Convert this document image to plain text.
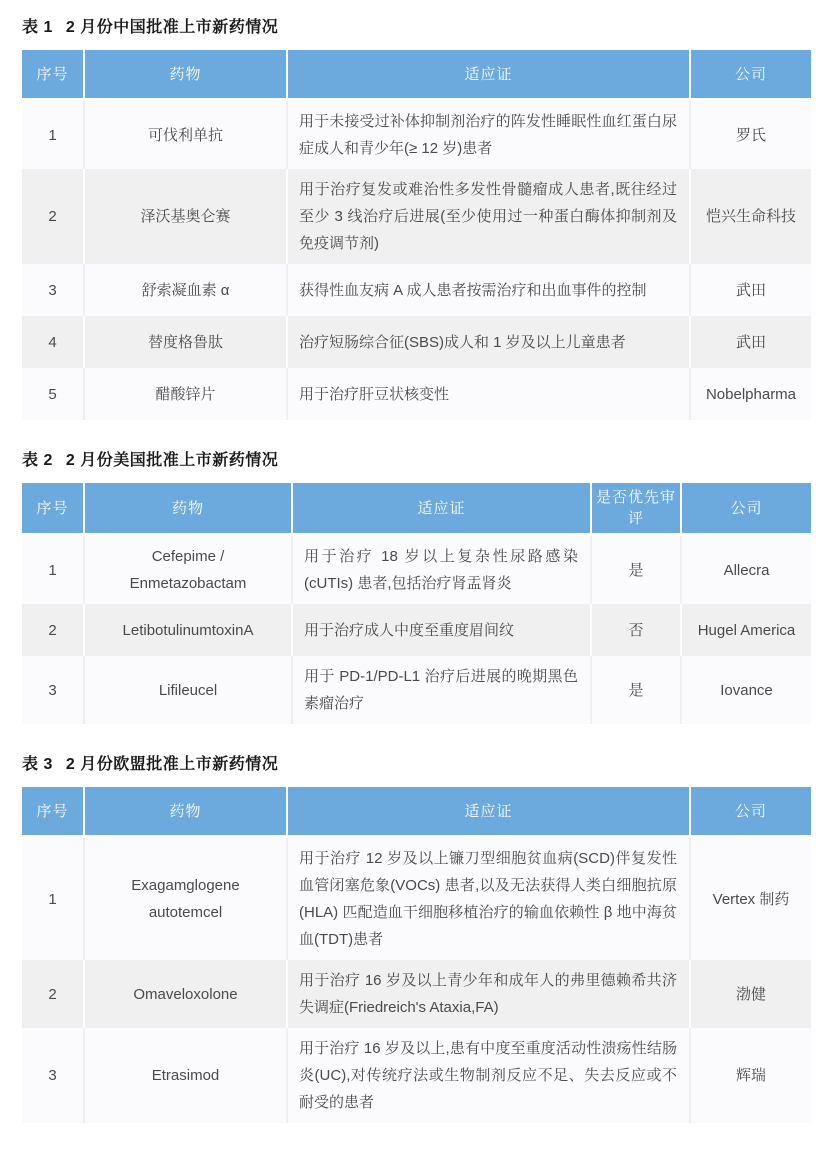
表 1 2 月份中国批准上市新药情况
序号	药物	适应证	公司
1	可伐利单抗	用于未接受过补体抑制剂治疗的阵发性睡眠性血红蛋白尿症成人和青少年(≥ 12 岁)患者	罗氏
2	泽沃基奥仑赛	用于治疗复发或难治性多发性骨髓瘤成人患者,既往经过至少 3 线治疗后进展(至少使用过一种蛋白酶体抑制剂及免疫调节剂)	恺兴生命科技
3	舒索凝血素 α	获得性血友病 A 成人患者按需治疗和出血事件的控制	武田
4	替度格鲁肽	治疗短肠综合征(SBS)成人和 1 岁及以上儿童患者	武田
5	醋酸锌片	用于治疗肝豆状核变性	Nobelpharma
表 2 2 月份美国批准上市新药情况
序号	药物	适应证	是否优先审评	公司
1	Cefepime / Enmetazobactam	用于治疗 18 岁以上复杂性尿路感染(cUTIs) 患者,包括治疗肾盂肾炎	是	Allecra
2	LetibotulinumtoxinA	用于治疗成人中度至重度眉间纹	否	Hugel America
3	Lifileucel	用于 PD-1/PD-L1 治疗后进展的晚期黑色素瘤治疗	是	Iovance
表 3 2 月份欧盟批准上市新药情况
序号	药物	适应证	公司
1	Exagamglogene autotemcel	用于治疗 12 岁及以上镰刀型细胞贫血病(SCD)伴复发性血管闭塞危象(VOCs) 患者,以及无法获得人类白细胞抗原(HLA) 匹配造血干细胞移植治疗的输血依赖性 β 地中海贫血(TDT)患者	Vertex 制药
2	Omaveloxolone	用于治疗 16 岁及以上青少年和成年人的弗里德赖希共济失调症(Friedreich's Ataxia,FA)	渤健
3	Etrasimod	用于治疗 16 岁及以上,患有中度至重度活动性溃疡性结肠炎(UC),对传统疗法或生物制剂反应不足、失去反应或不耐受的患者	辉瑞
